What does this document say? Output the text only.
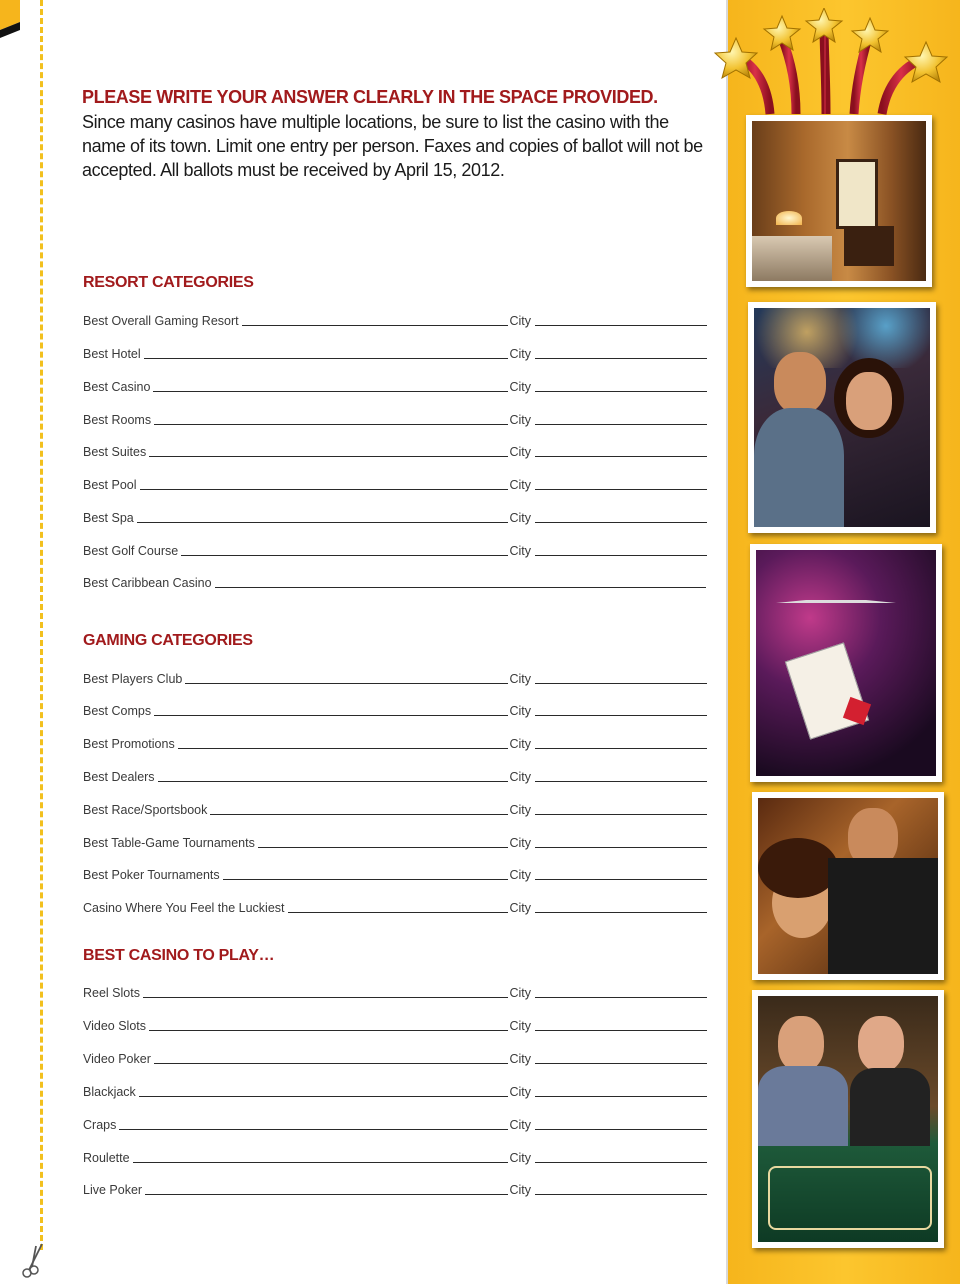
PLEASE WRITE YOUR ANSWER CLEARLY IN THE SPACE PROVIDED.

Since many casinos have multiple locations, be sure to list the casino with the name of its town. Limit one entry per person. Faxes and copies of ballot will not be accepted. All ballots must be received by April 15, 2012.

RESORT CATEGORIES
Best Overall Gaming Resort	City
Best Hotel	City
Best Casino	City
Best Rooms	City
Best Suites	City
Best Pool	City
Best Spa	City
Best Golf Course	City
Best Caribbean Casino
GAMING CATEGORIES
Best Players Club	City
Best Comps	City
Best Promotions	City
Best Dealers	City
Best Race/Sportsbook	City
Best Table-Game Tournaments	City
Best Poker Tournaments	City
Casino Where You Feel the Luckiest	City
BEST CASINO TO PLAY…
Reel Slots	City
Video Slots	City
Video Poker	City
Blackjack	City
Craps	City
Roulette	City
Live Poker	City
